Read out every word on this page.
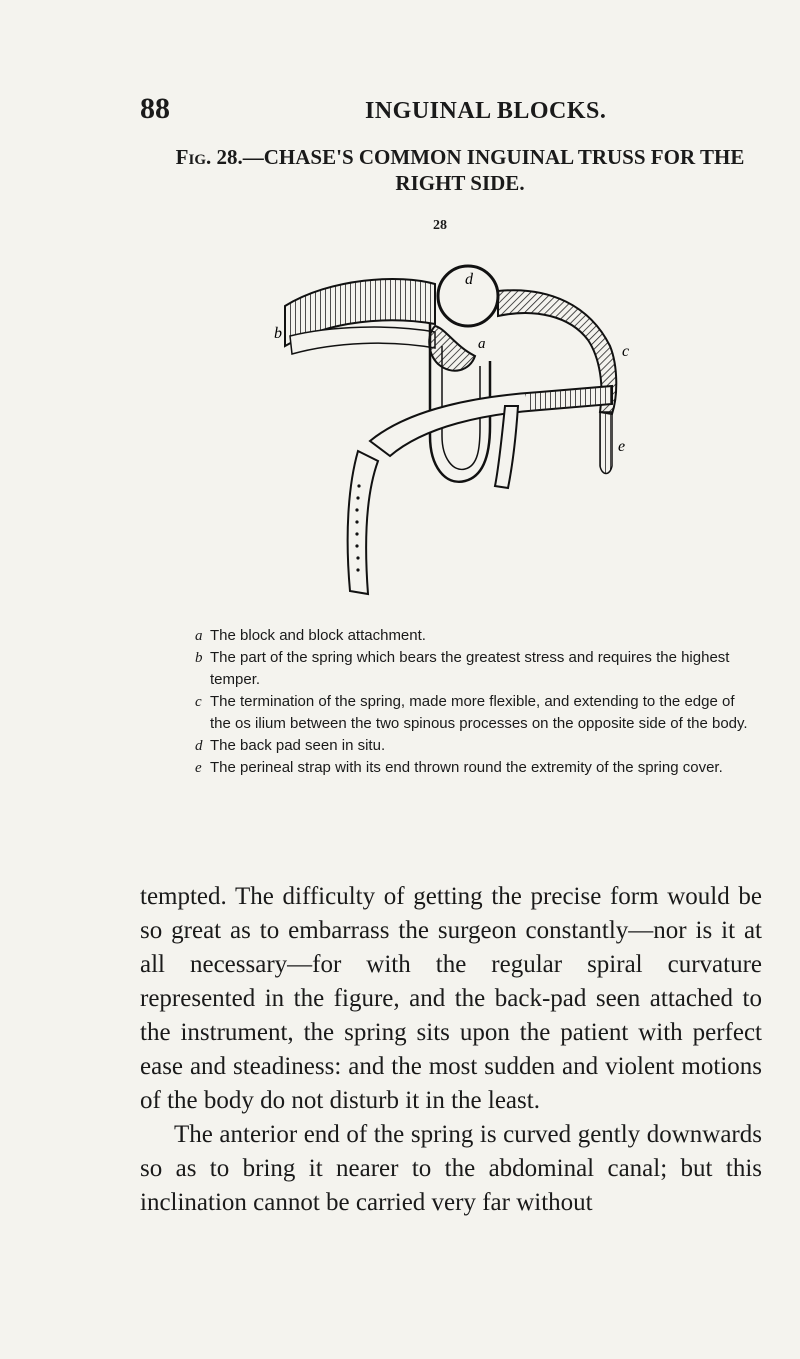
88	INGUINAL BLOCKS.
Fig. 28.—CHASE'S COMMON INGUINAL TRUSS FOR THE RIGHT SIDE.
28
d
b
a	c
e
a The block and block attachment.
b The part of the spring which bears the greatest stress and requires the highest temper.
c The termination of the spring, made more flexible, and extending to the edge of the os ilium between the two spinous processes on the opposite side of the body.
d The back pad seen in situ.
e The perineal strap with its end thrown round the extremity of the spring cover.

tempted. The difficulty of getting the precise form would be so great as to embarrass the surgeon constantly—nor is it at all necessary—for with the regular spiral curvature represented in the figure, and the back-pad seen attached to the instrument, the spring sits upon the patient with perfect ease and steadiness: and the most sudden and violent motions of the body do not disturb it in the least.

The anterior end of the spring is curved gently downwards so as to bring it nearer to the abdominal canal; but this inclination cannot be carried very far without
